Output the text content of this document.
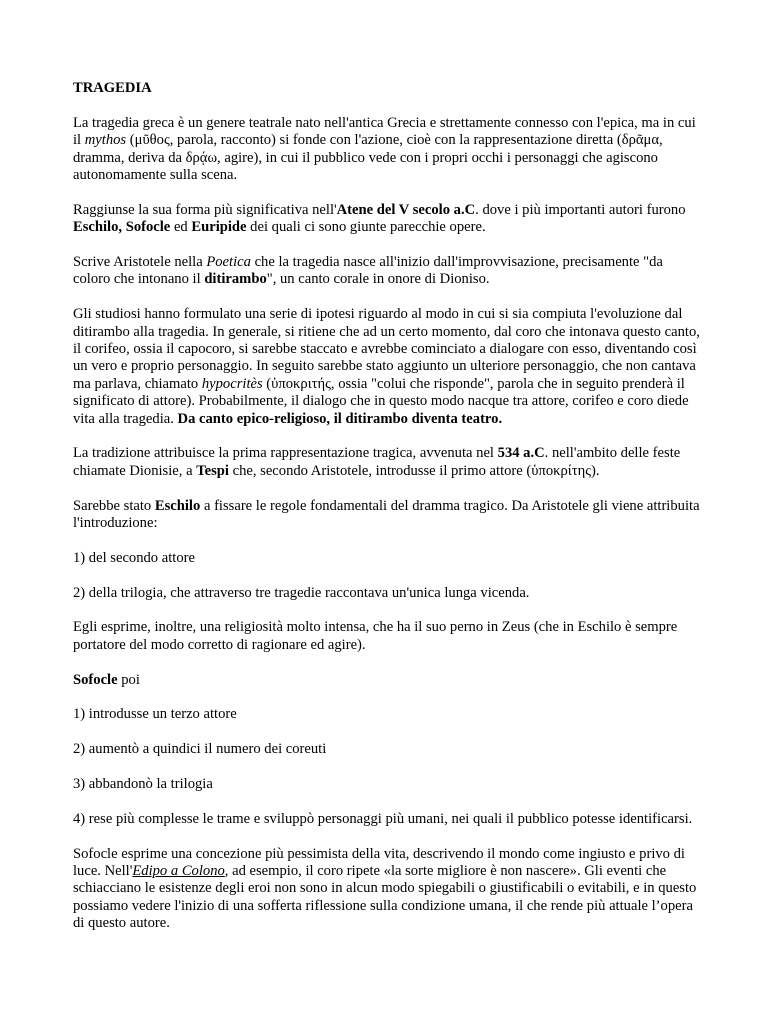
TRAGEDIA

La tragedia greca è un genere teatrale nato nell'antica Grecia e strettamente connesso con l'epica, ma in cui il mythos (μῦθος, parola, racconto) si fonde con l'azione, cioè con la rappresentazione diretta (δρᾶμα, dramma, deriva da δρᾴω, agire), in cui il pubblico vede con i propri occhi i personaggi che agiscono autonomamente sulla scena.

Raggiunse la sua forma più significativa nell'Atene del V secolo a.C. dove i più importanti autori furono Eschilo, Sofocle ed Euripide dei quali ci sono giunte parecchie opere.

Scrive Aristotele nella Poetica che la tragedia nasce all'inizio dall'improvvisazione, precisamente "da coloro che intonano il ditirambo", un canto corale in onore di Dioniso.

Gli studiosi hanno formulato una serie di ipotesi riguardo al modo in cui si sia compiuta l'evoluzione dal ditirambo alla tragedia. In generale, si ritiene che ad un certo momento, dal coro che intonava questo canto, il corifeo, ossia il capocoro, si sarebbe staccato e avrebbe cominciato a dialogare con esso, diventando così un vero e proprio personaggio. In seguito sarebbe stato aggiunto un ulteriore personaggio, che non cantava ma parlava, chiamato hypocritès (ὑποκριτής, ossia "colui che risponde", parola che in seguito prenderà il significato di attore). Probabilmente, il dialogo che in questo modo nacque tra attore, corifeo e coro diede vita alla tragedia. Da canto epico-religioso, il ditirambo diventa teatro.

La tradizione attribuisce la prima rappresentazione tragica, avvenuta nel 534 a.C. nell'ambito delle feste chiamate Dionisie, a Tespi che, secondo Aristotele, introdusse il primo attore (ὑποκρίτης).

Sarebbe stato Eschilo a fissare le regole fondamentali del dramma tragico. Da Aristotele gli viene attribuita l'introduzione:

1) del secondo attore

2) della trilogia, che attraverso tre tragedie raccontava un'unica lunga vicenda.

Egli esprime, inoltre, una religiosità molto intensa, che ha il suo perno in Zeus (che in Eschilo è sempre portatore del modo corretto di ragionare ed agire).

Sofocle poi

1) introdusse un terzo attore

2) aumentò a quindici il numero dei coreuti

3) abbandonò la trilogia

4) rese più complesse le trame e sviluppò personaggi più umani, nei quali il pubblico potesse identificarsi.

Sofocle esprime una concezione più pessimista della vita, descrivendo il mondo come ingiusto e privo di luce. Nell'Edipo a Colono, ad esempio, il coro ripete «la sorte migliore è non nascere». Gli eventi che schiacciano le esistenze degli eroi non sono in alcun modo spiegabili o giustificabili o evitabili, e in questo possiamo vedere l'inizio di una sofferta riflessione sulla condizione umana, il che rende più attuale l’opera di questo autore.
